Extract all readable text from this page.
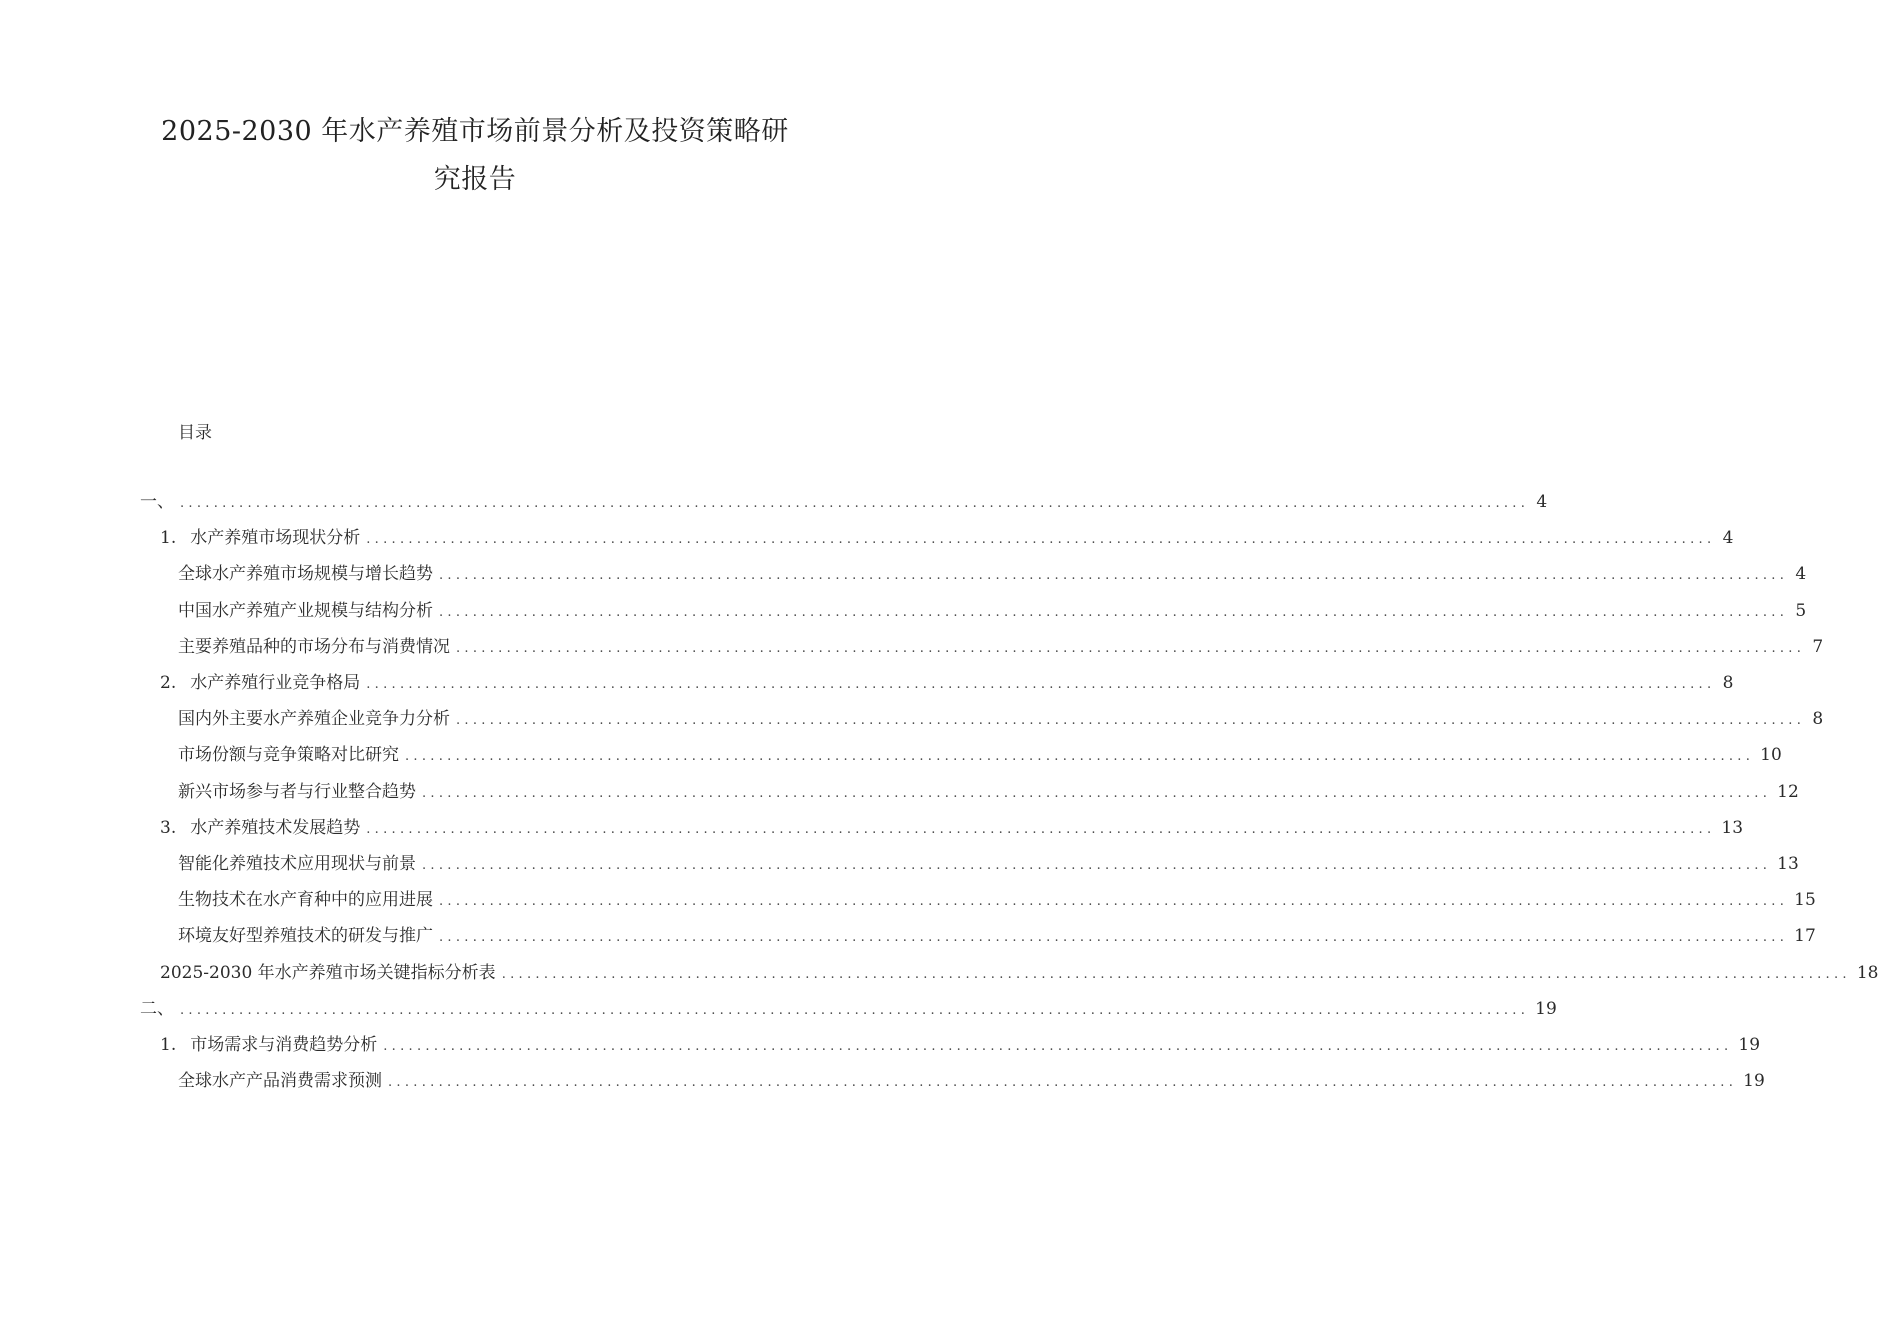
2025-2030 年水产养殖市场前景分析及投资策略研
究报告
目录
一、 ................................................................................................................................................................ 4
1. 水产养殖市场现状分析 ................................................................................................................................................................ 4
全球水产养殖市场规模与增长趋势 ................................................................................................................................................................ 4
中国水产养殖产业规模与结构分析 ................................................................................................................................................................ 5
主要养殖品种的市场分布与消费情况 ................................................................................................................................................................ 7
2. 水产养殖行业竞争格局 ................................................................................................................................................................ 8
国内外主要水产养殖企业竞争力分析 ................................................................................................................................................................ 8
市场份额与竞争策略对比研究 ................................................................................................................................................................ 10
新兴市场参与者与行业整合趋势 ................................................................................................................................................................ 12
3. 水产养殖技术发展趋势 ................................................................................................................................................................ 13
智能化养殖技术应用现状与前景 ................................................................................................................................................................ 13
生物技术在水产育种中的应用进展 ................................................................................................................................................................ 15
环境友好型养殖技术的研发与推广 ................................................................................................................................................................ 17
2025-2030 年水产养殖市场关键指标分析表 ................................................................................................................................................................ 18
二、 ................................................................................................................................................................ 19
1. 市场需求与消费趋势分析 ................................................................................................................................................................ 19
全球水产产品消费需求预测 ................................................................................................................................................................ 19
